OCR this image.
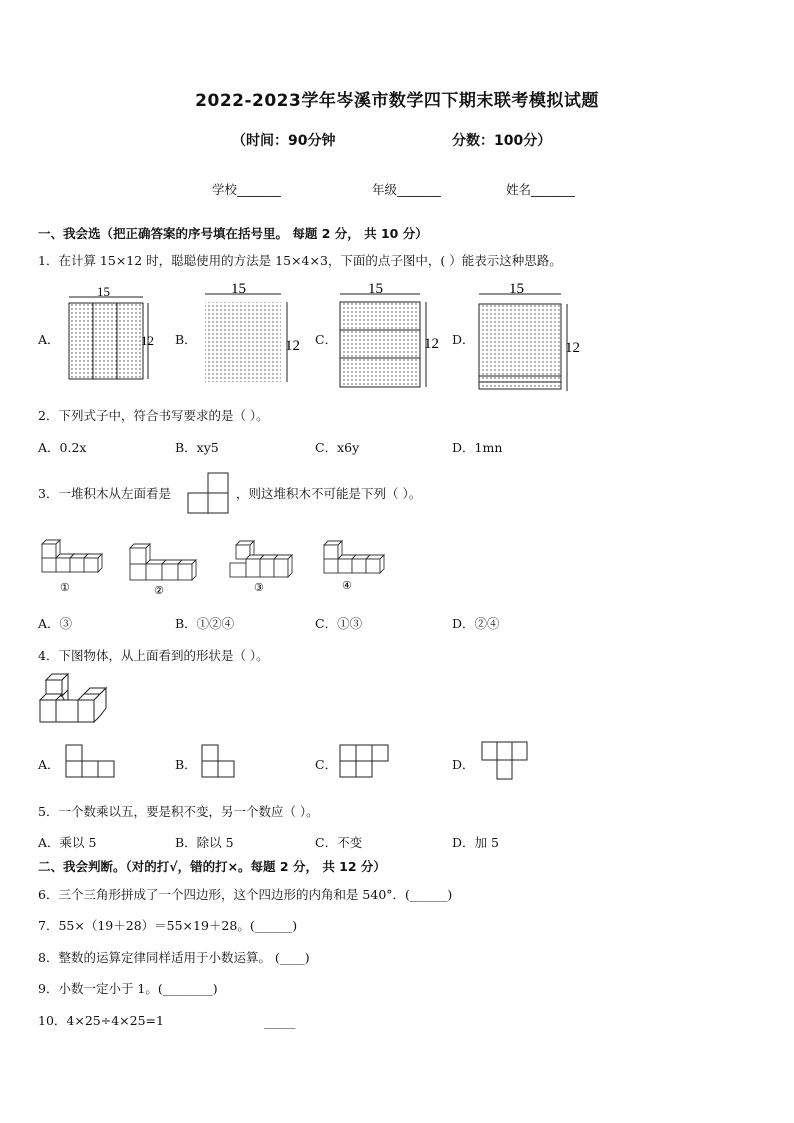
2022-2023学年岑溪市数学四下期末联考模拟试题
（时间：90分钟	分数：100分）
学校_______	年级_______	姓名_______
一、我会选（把正确答案的序号填在括号里。 每题 2 分， 共 10 分）
1．在计算 15×12 时，聪聪使用的方法是 15×4×3，下面的点子图中，( ）能表示这种思路。
A．	B．	C．	D．
15
12
15
12
15
12
15
12
2．下列式子中，符合书写要求的是（ ）。
A．0.2x	B．xy5	C．x6y	D．1mn
3．一堆积木从左面看是	，则这堆积木不可能是下列（ ）。
①	②	③	④
A．③	B．①②④	C．①③	D．②④
4．下图物体，从上面看到的形状是（ ）。
A．	B．	C．	D．
5．一个数乘以五，要是积不变，另一个数应（ ）。
A．乘以 5	B．除以 5	C．不变	D．加 5
二、我会判断。（对的打√，错的打×。每题 2 分， 共 12 分）
6．三个三角形拼成了一个四边形，这个四边形的内角和是 540°．(______)
7．55×（19＋28）＝55×19＋28。(______)
8．整数的运算定律同样适用于小数运算。 (____)
9．小数一定小于 1。(________)
10．4×25÷4×25=1	_____
